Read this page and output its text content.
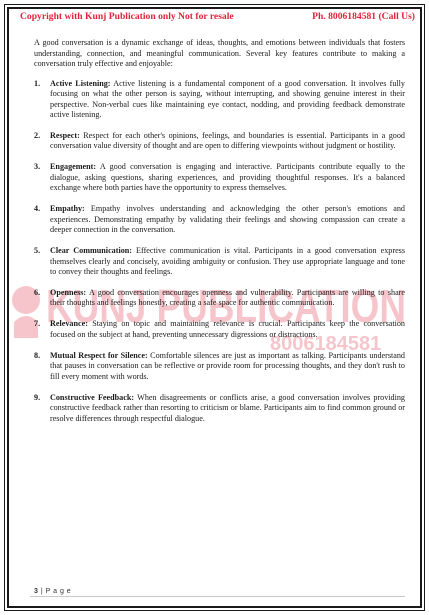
Copyright with Kunj Publication only Not for resale	Ph. 8006184581 (Call Us)
KUNJ PUBLICATION
8006184581

A good conversation is a dynamic exchange of ideas, thoughts, and emotions between individuals that fosters understanding, connection, and meaningful communication. Several key features contribute to making a conversation truly effective and enjoyable:

1. Active Listening: Active listening is a fundamental component of a good conversation. It involves fully focusing on what the other person is saying, without interrupting, and showing genuine interest in their perspective. Non-verbal cues like maintaining eye contact, nodding, and providing feedback demonstrate active listening.
2. Respect: Respect for each other's opinions, feelings, and boundaries is essential. Participants in a good conversation value diversity of thought and are open to differing viewpoints without judgment or hostility.
3. Engagement: A good conversation is engaging and interactive. Participants contribute equally to the dialogue, asking questions, sharing experiences, and providing thoughtful responses. It's a balanced exchange where both parties have the opportunity to express themselves.
4. Empathy: Empathy involves understanding and acknowledging the other person's emotions and experiences. Demonstrating empathy by validating their feelings and showing compassion can create a deeper connection in the conversation.
5. Clear Communication: Effective communication is vital. Participants in a good conversation express themselves clearly and concisely, avoiding ambiguity or confusion. They use appropriate language and tone to convey their thoughts and feelings.
6. Openness: A good conversation encourages openness and vulnerability. Participants are willing to share their thoughts and feelings honestly, creating a safe space for authentic communication.
7. Relevance: Staying on topic and maintaining relevance is crucial. Participants keep the conversation focused on the subject at hand, preventing unnecessary digressions or distractions.
8. Mutual Respect for Silence: Comfortable silences are just as important as talking. Participants understand that pauses in conversation can be reflective or provide room for processing thoughts, and they don't rush to fill every moment with words.
9. Constructive Feedback: When disagreements or conflicts arise, a good conversation involves providing constructive feedback rather than resorting to criticism or blame. Participants aim to find common ground or resolve differences through respectful dialogue.
3 | P a g e
